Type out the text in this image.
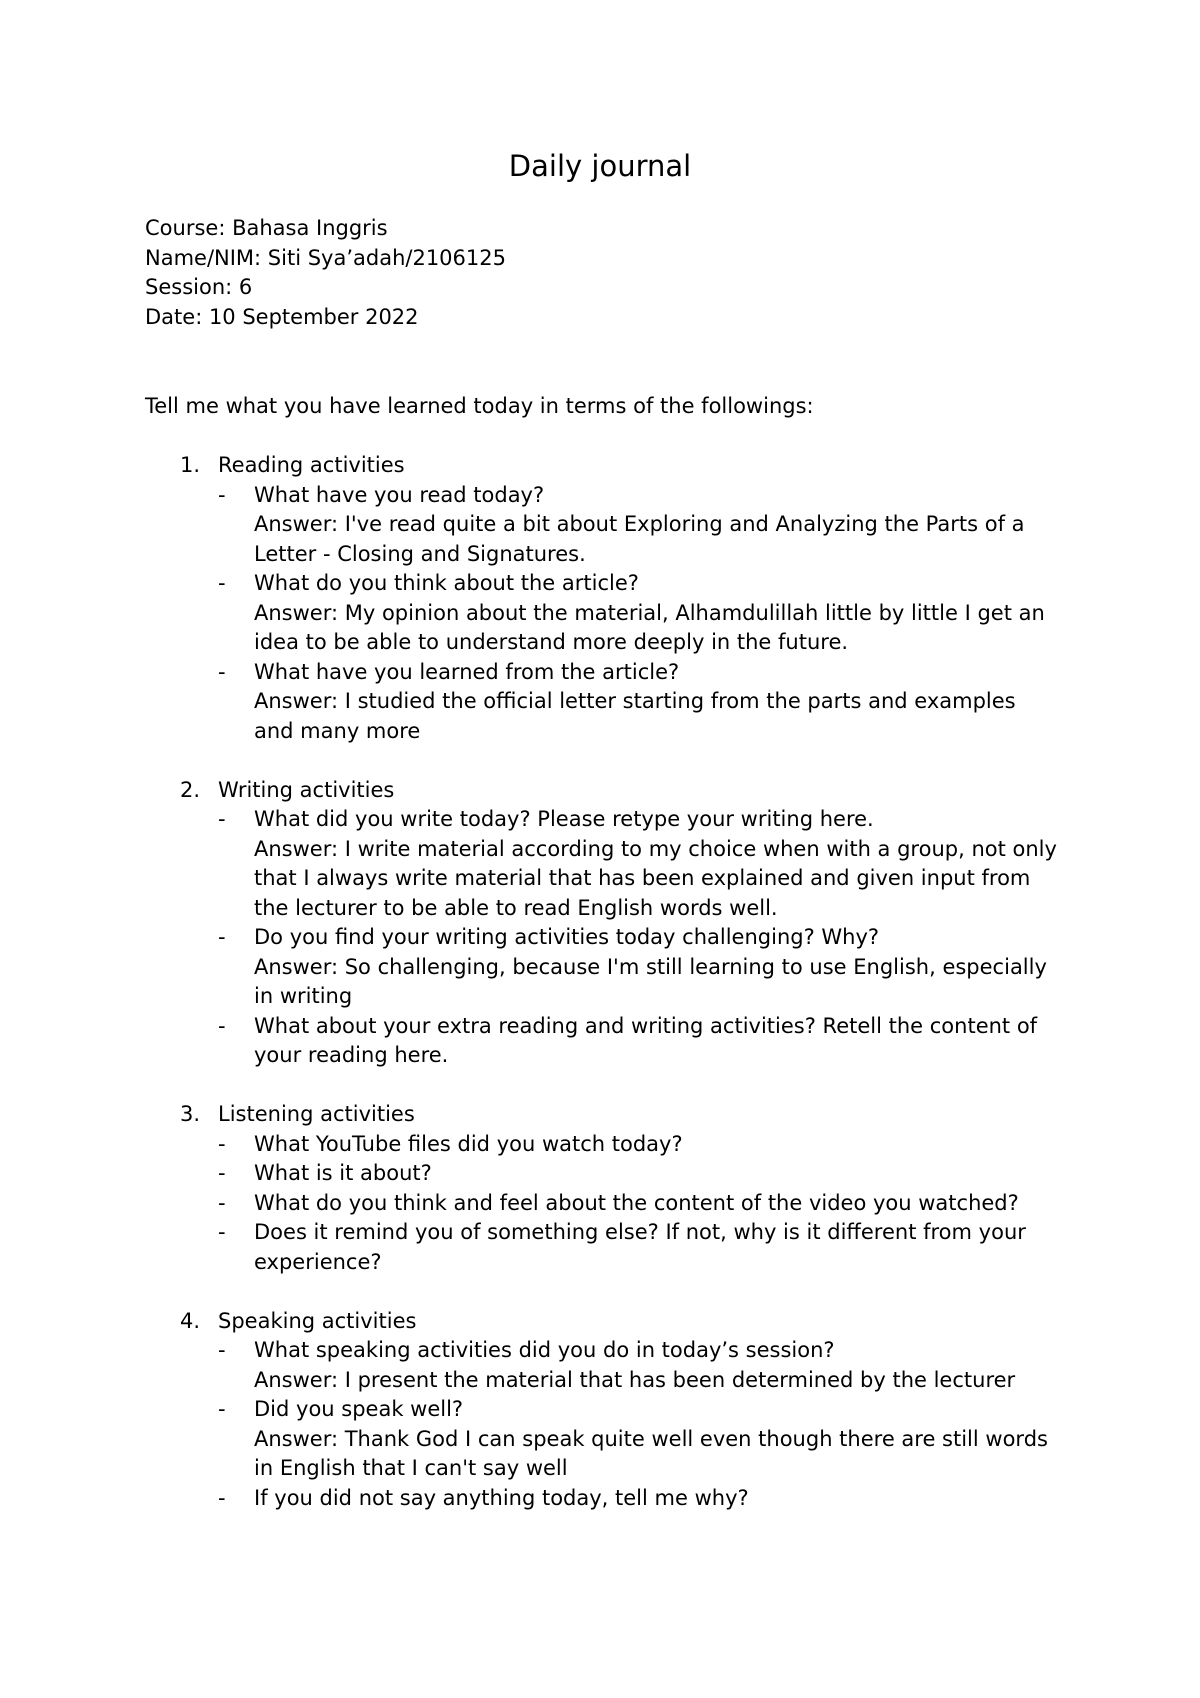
Daily journal
Course: Bahasa Inggris
Name/NIM: Siti Sya’adah/2106125
Session: 6
Date: 10 September 2022
Tell me what you have learned today in terms of the followings:
1. Reading activities
-	What have you read today?
Answer: I've read quite a bit about Exploring and Analyzing the Parts of a Letter - Closing and Signatures.
-	What do you think about the article?
Answer: My opinion about the material, Alhamdulillah little by little I get an idea to be able to understand more deeply in the future.
-	What have you learned from the article?
Answer: I studied the official letter starting from the parts and examples and many more
2. Writing activities
-	What did you write today? Please retype your writing here.
Answer: I write material according to my choice when with a group, not only that I always write material that has been explained and given input from the lecturer to be able to read English words well.
-	Do you find your writing activities today challenging? Why?
Answer: So challenging, because I'm still learning to use English, especially in writing
-	What about your extra reading and writing activities? Retell the content of your reading here.
3. Listening activities
-	What YouTube files did you watch today?
-	What is it about?
-	What do you think and feel about the content of the video you watched?
-	Does it remind you of something else? If not, why is it different from your experience?
4. Speaking activities
-	What speaking activities did you do in today’s session?
Answer: I present the material that has been determined by the lecturer
-	Did you speak well?
Answer: Thank God I can speak quite well even though there are still words in English that I can't say well
-	If you did not say anything today, tell me why?
